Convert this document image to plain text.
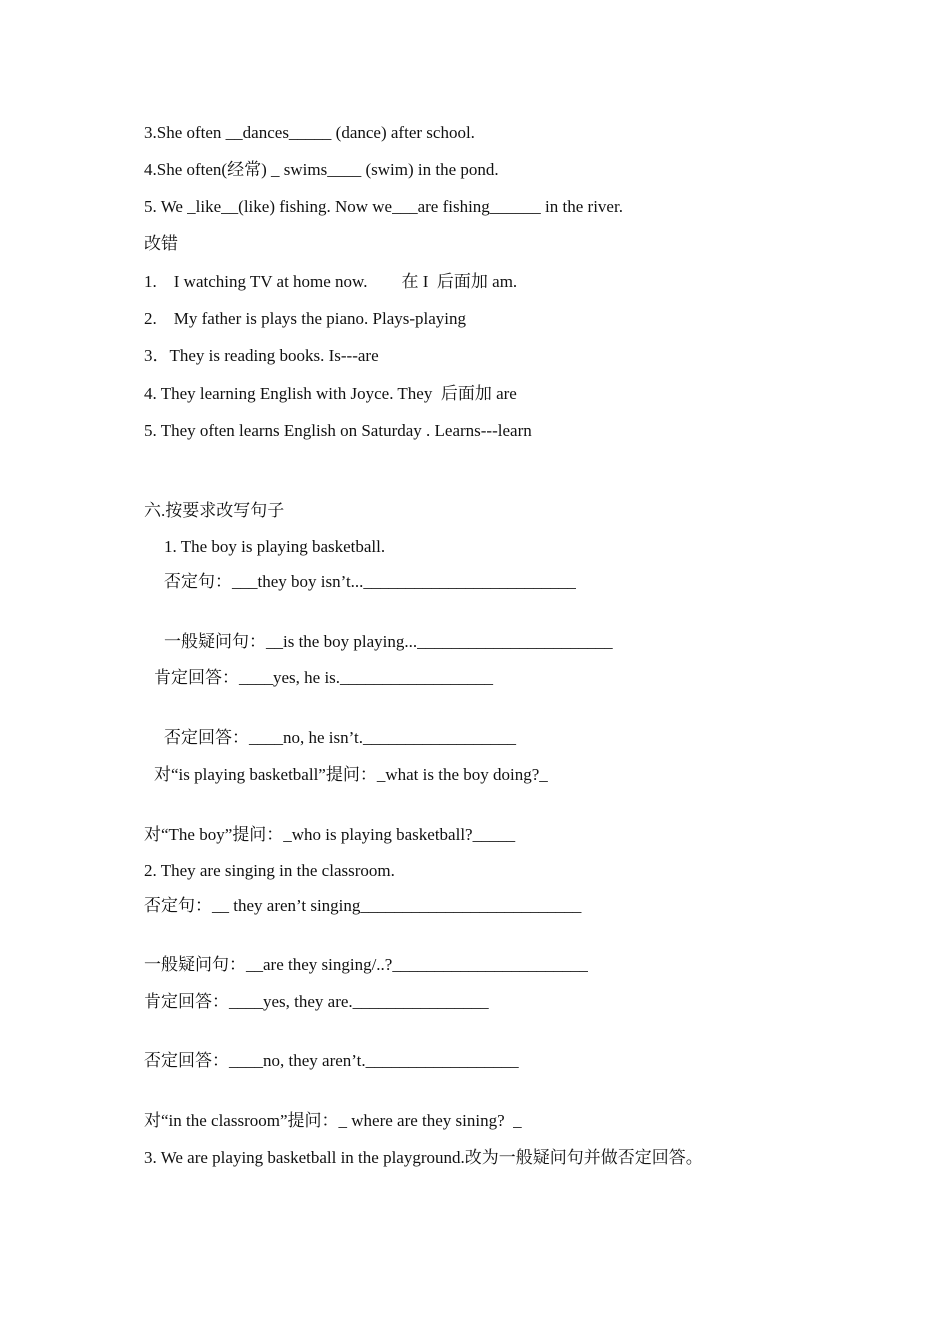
3.She often __dances_____ (dance) after school.
4.She often(经常) _ swims____ (swim) in the pond.
5. We _like__(like) fishing. Now we___are fishing______ in the river.
改错
1.    I watching TV at home now.        在 I  后面加 am.
2.    My father is plays the piano. Plays-playing
3．They is reading books. Is---are
4. They learning English with Joyce. They  后面加 are
5. They often learns English on Saturday . Learns---learn
六.按要求改写句子
1. The boy is playing basketball.
否定句：___they boy isn’t..._________________________
一般疑问句：__is the boy playing..._______________________
肯定回答：____yes, he is.__________________
否定回答：____no, he isn’t.__________________
对“is playing basketball”提问：_what is the boy doing?_
对“The boy”提问：_who is playing basketball?_____
2. They are singing in the classroom.
否定句：__ they aren’t singing__________________________
一般疑问句：__are they singing/..?_______________________
肯定回答：____yes, they are.________________
否定回答：____no, they aren’t.__________________
对“in the classroom”提问：_ where are they sining?  _
3. We are playing basketball in the playground.改为一般疑问句并做否定回答。
